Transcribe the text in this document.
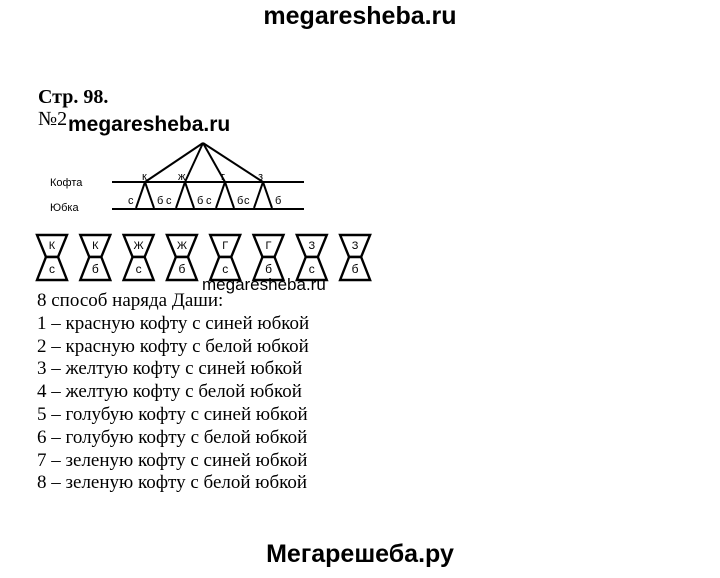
megaresheba.ru
Стр. 98.
№2 megaresheba.ru
Кофта
Юбка
к	ж	г	з
с б с б с б с б
К
с
К
б
Ж
с
Ж
б
Г
с
Г
б
З
с
З
б
megaresheba.ru
8 способ наряда Даши:
1 – красную кофту с синей юбкой
2 – красную кофту с белой юбкой
3 – желтую кофту с синей юбкой
4 – желтую кофту с белой юбкой
5 – голубую кофту с синей юбкой
6 – голубую кофту с белой юбкой
7 – зеленую кофту с синей юбкой
8 – зеленую кофту с белой юбкой
Мегарешеба.ру
